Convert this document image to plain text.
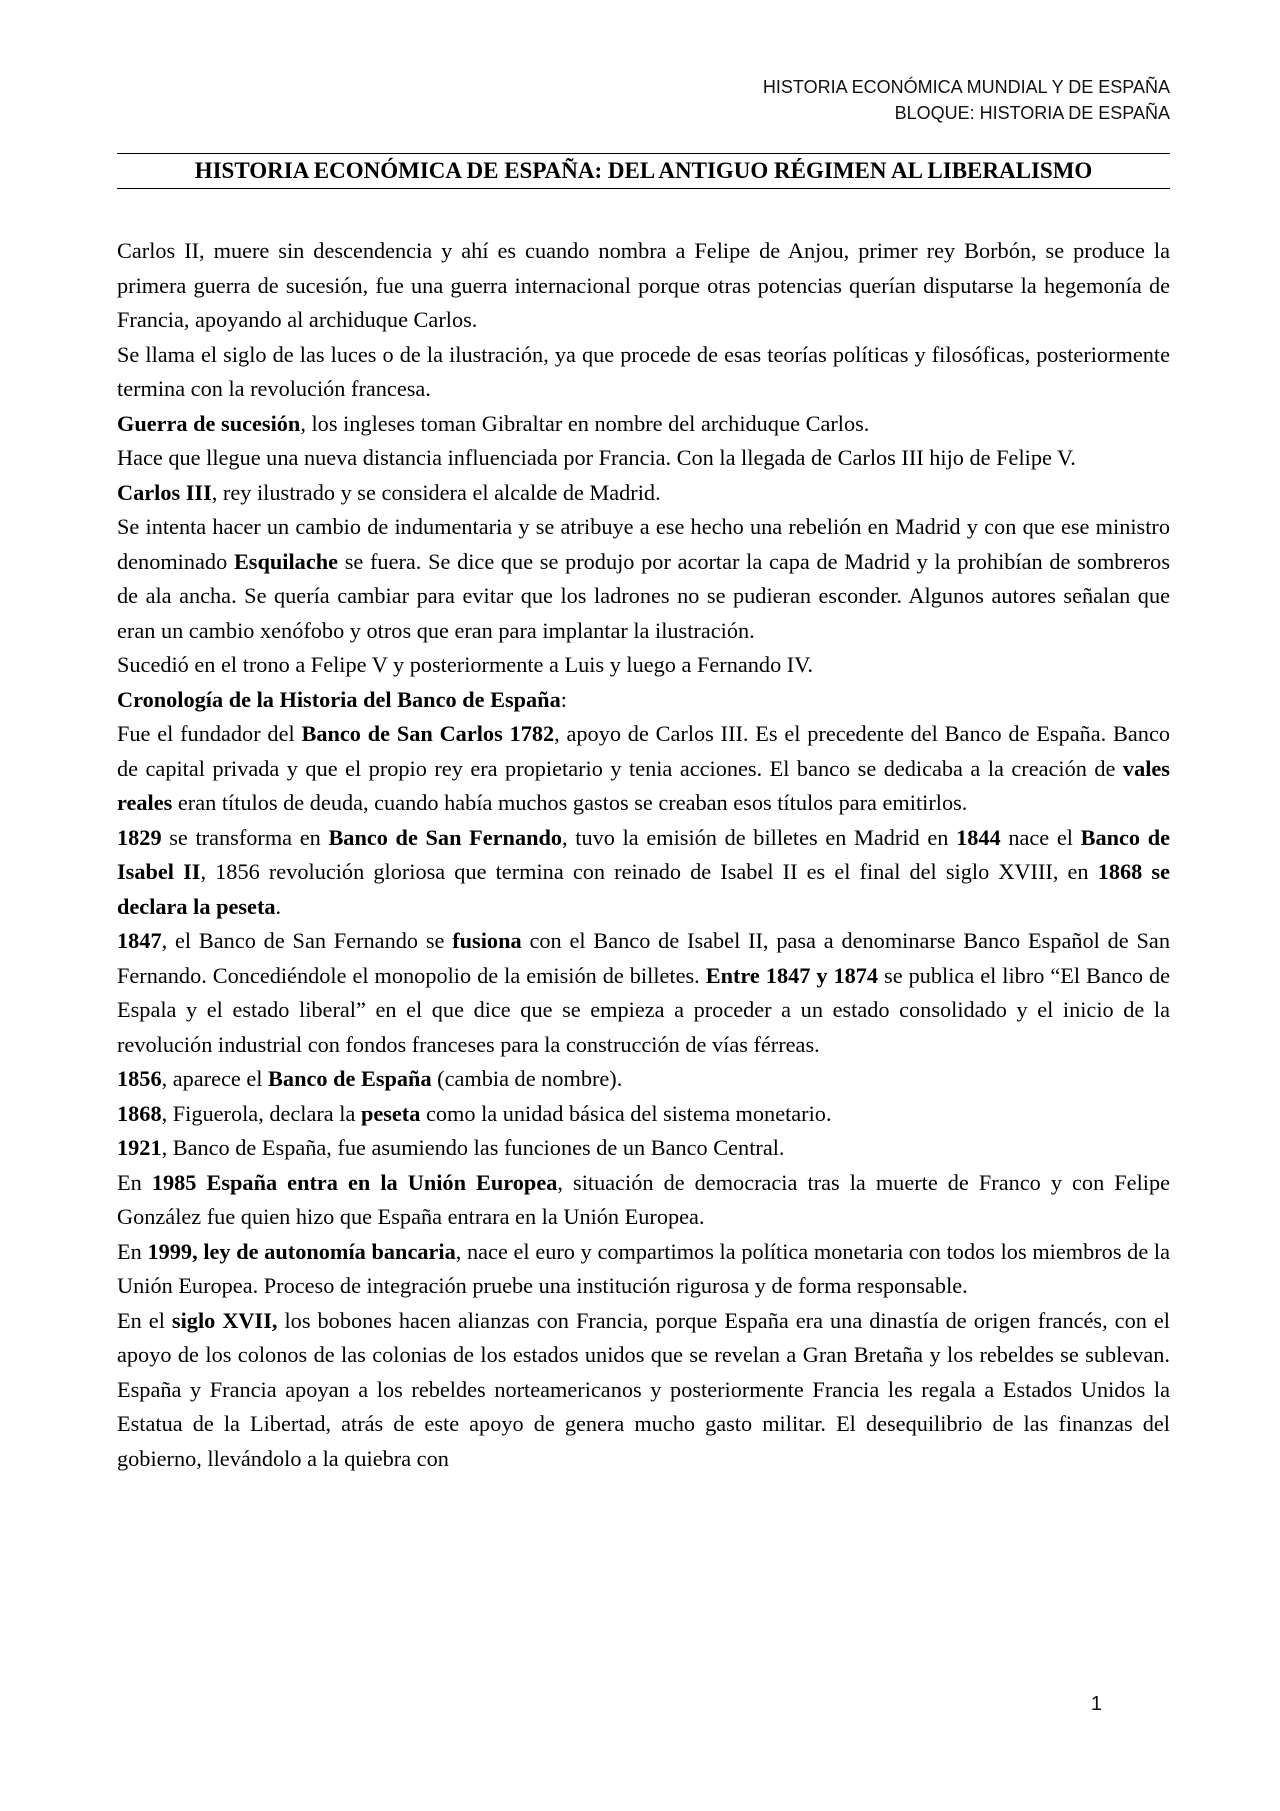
HISTORIA ECONÓMICA MUNDIAL Y DE ESPAÑA
BLOQUE: HISTORIA DE ESPAÑA
HISTORIA ECONÓMICA DE ESPAÑA: DEL ANTIGUO RÉGIMEN AL LIBERALISMO

Carlos II, muere sin descendencia y ahí es cuando nombra a Felipe de Anjou, primer rey Borbón, se produce la primera guerra de sucesión, fue una guerra internacional porque otras potencias querían disputarse la hegemonía de Francia, apoyando al archiduque Carlos.

Se llama el siglo de las luces o de la ilustración, ya que procede de esas teorías políticas y filosóficas, posteriormente termina con la revolución francesa.

Guerra de sucesión, los ingleses toman Gibraltar en nombre del archiduque Carlos.

Hace que llegue una nueva distancia influenciada por Francia. Con la llegada de Carlos III hijo de Felipe V.

Carlos III, rey ilustrado y se considera el alcalde de Madrid.

Se intenta hacer un cambio de indumentaria y se atribuye a ese hecho una rebelión en Madrid y con que ese ministro denominado Esquilache se fuera. Se dice que se produjo por acortar la capa de Madrid y la prohibían de sombreros de ala ancha. Se quería cambiar para evitar que los ladrones no se pudieran esconder. Algunos autores señalan que eran un cambio xenófobo y otros que eran para implantar la ilustración.

Sucedió en el trono a Felipe V y posteriormente a Luis y luego a Fernando IV.

Cronología de la Historia del Banco de España:

Fue el fundador del Banco de San Carlos 1782, apoyo de Carlos III. Es el precedente del Banco de España. Banco de capital privada y que el propio rey era propietario y tenia acciones. El banco se dedicaba a la creación de vales reales eran títulos de deuda, cuando había muchos gastos se creaban esos títulos para emitirlos.

1829 se transforma en Banco de San Fernando, tuvo la emisión de billetes en Madrid en 1844 nace el Banco de Isabel II, 1856 revolución gloriosa que termina con reinado de Isabel II es el final del siglo XVIII, en 1868 se declara la peseta.

1847, el Banco de San Fernando se fusiona con el Banco de Isabel II, pasa a denominarse Banco Español de San Fernando. Concediéndole el monopolio de la emisión de billetes. Entre 1847 y 1874 se publica el libro “El Banco de Espala y el estado liberal” en el que dice que se empieza a proceder a un estado consolidado y el inicio de la revolución industrial con fondos franceses para la construcción de vías férreas.

1856, aparece el Banco de España (cambia de nombre).

1868, Figuerola, declara la peseta como la unidad básica del sistema monetario.

1921, Banco de España, fue asumiendo las funciones de un Banco Central.

En 1985 España entra en la Unión Europea, situación de democracia tras la muerte de Franco y con Felipe González fue quien hizo que España entrara en la Unión Europea.

En 1999, ley de autonomía bancaria, nace el euro y compartimos la política monetaria con todos los miembros de la Unión Europea. Proceso de integración pruebe una institución rigurosa y de forma responsable.

En el siglo XVII, los bobones hacen alianzas con Francia, porque España era una dinastía de origen francés, con el apoyo de los colonos de las colonias de los estados unidos que se revelan a Gran Bretaña y los rebeldes se sublevan. España y Francia apoyan a los rebeldes norteamericanos y posteriormente Francia les regala a Estados Unidos la Estatua de la Libertad, atrás de este apoyo de genera mucho gasto militar. El desequilibrio de las finanzas del gobierno, llevándolo a la quiebra con

1
